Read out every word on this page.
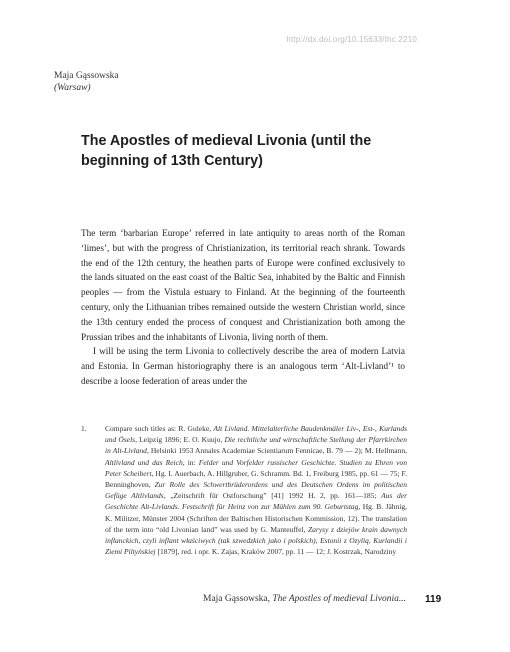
http://dx.doi.org/10.15633/thc.2210
Maja Gąssowska
(Warsaw)
The Apostles of medieval Livonia (until the beginning of 13th Century)

The term ‘barbarian Europe’ referred in late antiquity to areas north of the Roman ‘limes’, but with the progress of Christianization, its territorial reach shrank. Towards the end of the 12th century, the heathen parts of Europe were confined exclusively to the lands situated on the east coast of the Baltic Sea, inhabited by the Baltic and Finnish peoples — from the Vistula estuary to Finland. At the beginning of the fourteenth century, only the Lithuanian tribes remained outside the western Christian world, since the 13th century ended the process of conquest and Christianization both among the Prussian tribes and the inhabitants of Livonia, living north of them.

I will be using the term Livonia to collectively describe the area of modern Latvia and Estonia. In German historiography there is an analogous term ‘Alt-Livland’¹ to describe a loose federation of areas under the

1.	Compare such titles as: R. Guleke, Alt Livland. Mittelalterliche Baudenkmäler Liv-, Est-, Kurlands und Ösels, Leipzig 1896; E. O. Kuujo, Die rechtliche und wirtschaftliche Stellung der Pfarrkirchen in Alt-Livland, Helsinki 1953 Annales Academiae Scientiarum Fennicae, B. 79 — 2); M. Hellmann, Altlivland und das Reich, in: Felder und Vorfelder russischer Geschichte. Studien zu Ehren von Peter Scheibert, Hg. I. Auerbach, A. Hillgruber, G. Schramm. Bd. 1, Freiburg 1985, pp. 61 — 75; F. Benninghoven, Zur Rolle des Schwertbrüderordens und des Deutschen Ordens im politischen Gefüge Altlivlands, „Zeitschrift für Ostforschung” [41] 1992 H. 2, pp. 161—185; Aus der Geschichte Alt-Livlands. Festschrift für Heinz von zur Mühlen zum 90. Geburtstag, Hg. B. Jähnig, K. Militzer, Münster 2004 (Schriften der Baltischen Historischen Kommission, 12). The translation of the term into “old Livonian land” was used by G. Manteuffel, Zarysy z dziejów krain dawnych inflanckich, czyli inflant właściwych (tak szwedzkich jako i polskich), Estonii z Ozylią, Kurlandii i Ziemi Piltyńskiej [1879], red. i opr. K. Zajas, Kraków 2007, pp. 11 — 12; J. Kostrzak, Narodziny
Maja Gąssowska, The Apostles of medieval Livonia... 119
